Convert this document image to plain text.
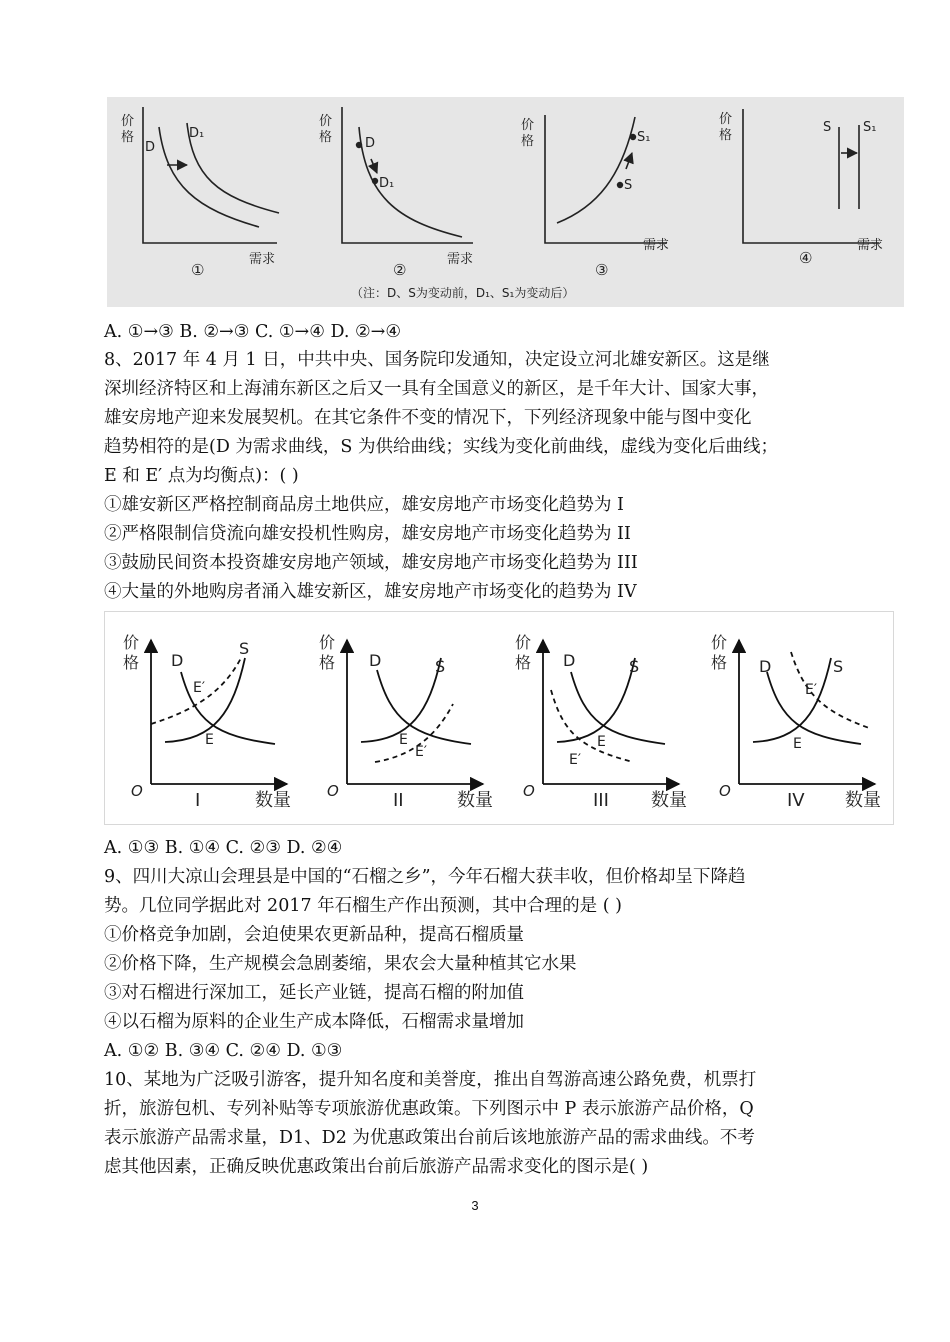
价
格
D
D₁
需求
①
价
格	D
D₁
需求
②
价
格
S
S₁
需求
③
价
格
S S₁
需求
④
（注：D、S为变动前，D₁、S₁为变动后）
A. ①→③ B. ②→③ C. ①→④ D. ②→④
8、2017 年 4 月 1 日，中共中央、国务院印发通知，决定设立河北雄安新区。这是继
深圳经济特区和上海浦东新区之后又一具有全国意义的新区，是千年大计、国家大事，
雄安房地产迎来发展契机。在其它条件不变的情况下，下列经济现象中能与图中变化
趋势相符的是(D 为需求曲线，S 为供给曲线；实线为变化前曲线，虚线为变化后曲线；
E 和 E′ 点为均衡点)：( )
①雄安新区严格控制商品房土地供应，雄安房地产市场变化趋势为 I
②严格限制信贷流向雄安投机性购房，雄安房地产市场变化趋势为 II
③鼓励民间资本投资雄安房地产领域，雄安房地产市场变化趋势为 III
④大量的外地购房者涌入雄安新区，雄安房地产市场变化的趋势为 IV
价
格 D
S
E
E′
O	I	数量
价
格 D	S
E
E′
O	II	数量
价
格 D	S
E
E′
O	III 数量
价
格 D	S
E
E′
O	IV 数量
A. ①③ B. ①④ C. ②③ D. ②④
9、四川大凉山会理县是中国的“石榴之乡”，今年石榴大获丰收，但价格却呈下降趋
势。几位同学据此对 2017 年石榴生产作出预测，其中合理的是 ( )
①价格竞争加剧，会迫使果农更新品种，提高石榴质量
②价格下降，生产规模会急剧萎缩，果农会大量种植其它水果
③对石榴进行深加工，延长产业链，提高石榴的附加值
④以石榴为原料的企业生产成本降低，石榴需求量增加
A. ①② B. ③④ C. ②④ D. ①③
10、某地为广泛吸引游客，提升知名度和美誉度，推出自驾游高速公路免费，机票打
折，旅游包机、专列补贴等专项旅游优惠政策。下列图示中 P 表示旅游产品价格，Q
表示旅游产品需求量，D1、D2 为优惠政策出台前后该地旅游产品的需求曲线。不考
虑其他因素，正确反映优惠政策出台前后旅游产品需求变化的图示是( )
3
